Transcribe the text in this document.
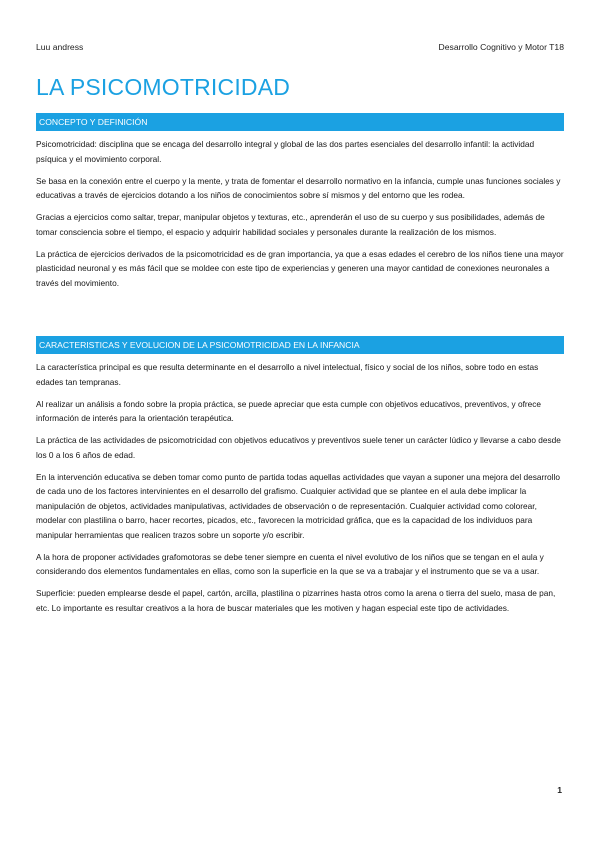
Luu andress	Desarrollo Cognitivo y Motor T18
LA PSICOMOTRICIDAD
CONCEPTO Y DEFINICIÓN

Psicomotricidad: disciplina que se encaga del desarrollo integral y global de las dos partes esenciales del desarrollo infantil: la actividad psíquica y el movimiento corporal.

Se basa en la conexión entre el cuerpo y la mente, y trata de fomentar el desarrollo normativo en la infancia, cumple unas funciones sociales y educativas a través de ejercicios dotando a los niños de conocimientos sobre sí mismos y del entorno que les rodea.

Gracias a ejercicios como saltar, trepar, manipular objetos y texturas, etc., aprenderán el uso de su cuerpo y sus posibilidades, además de tomar consciencia sobre el tiempo, el espacio y adquirir habilidad sociales y personales durante la realización de los mismos.

La práctica de ejercicios derivados de la psicomotricidad es de gran importancia, ya que a esas edades el cerebro de los niños tiene una mayor plasticidad neuronal y es más fácil que se moldee con este tipo de experiencias y generen una mayor cantidad de conexiones neuronales a través del movimiento.

CARACTERISTICAS Y EVOLUCION DE LA PSICOMOTRICIDAD EN LA INFANCIA

La característica principal es que resulta determinante en el desarrollo a nivel intelectual, físico y social de los niños, sobre todo en estas edades tan tempranas.

Al realizar un análisis a fondo sobre la propia práctica, se puede apreciar que esta cumple con objetivos educativos, preventivos, y ofrece información de interés para la orientación terapéutica.

La práctica de las actividades de psicomotricidad con objetivos educativos y preventivos suele tener un carácter lúdico y llevarse a cabo desde los 0 a los 6 años de edad.

En la intervención educativa se deben tomar como punto de partida todas aquellas actividades que vayan a suponer una mejora del desarrollo de cada uno de los factores intervinientes en el desarrollo del grafismo. Cualquier actividad que se plantee en el aula debe implicar la manipulación de objetos, actividades manipulativas, actividades de observación o de representación. Cualquier actividad como colorear, modelar con plastilina o barro, hacer recortes, picados, etc., favorecen la motricidad gráfica, que es la capacidad de los individuos para manipular herramientas que realicen trazos sobre un soporte y/o escribir.

A la hora de proponer actividades grafomotoras se debe tener siempre en cuenta el nivel evolutivo de los niños que se tengan en el aula y considerando dos elementos fundamentales en ellas, como son la superficie en la que se va a trabajar y el instrumento que se va a usar.

Superficie: pueden emplearse desde el papel, cartón, arcilla, plastilina o pizarrines hasta otros como la arena o tierra del suelo, masa de pan, etc. Lo importante es resultar creativos a la hora de buscar materiales que les motiven y hagan especial este tipo de actividades.

1
